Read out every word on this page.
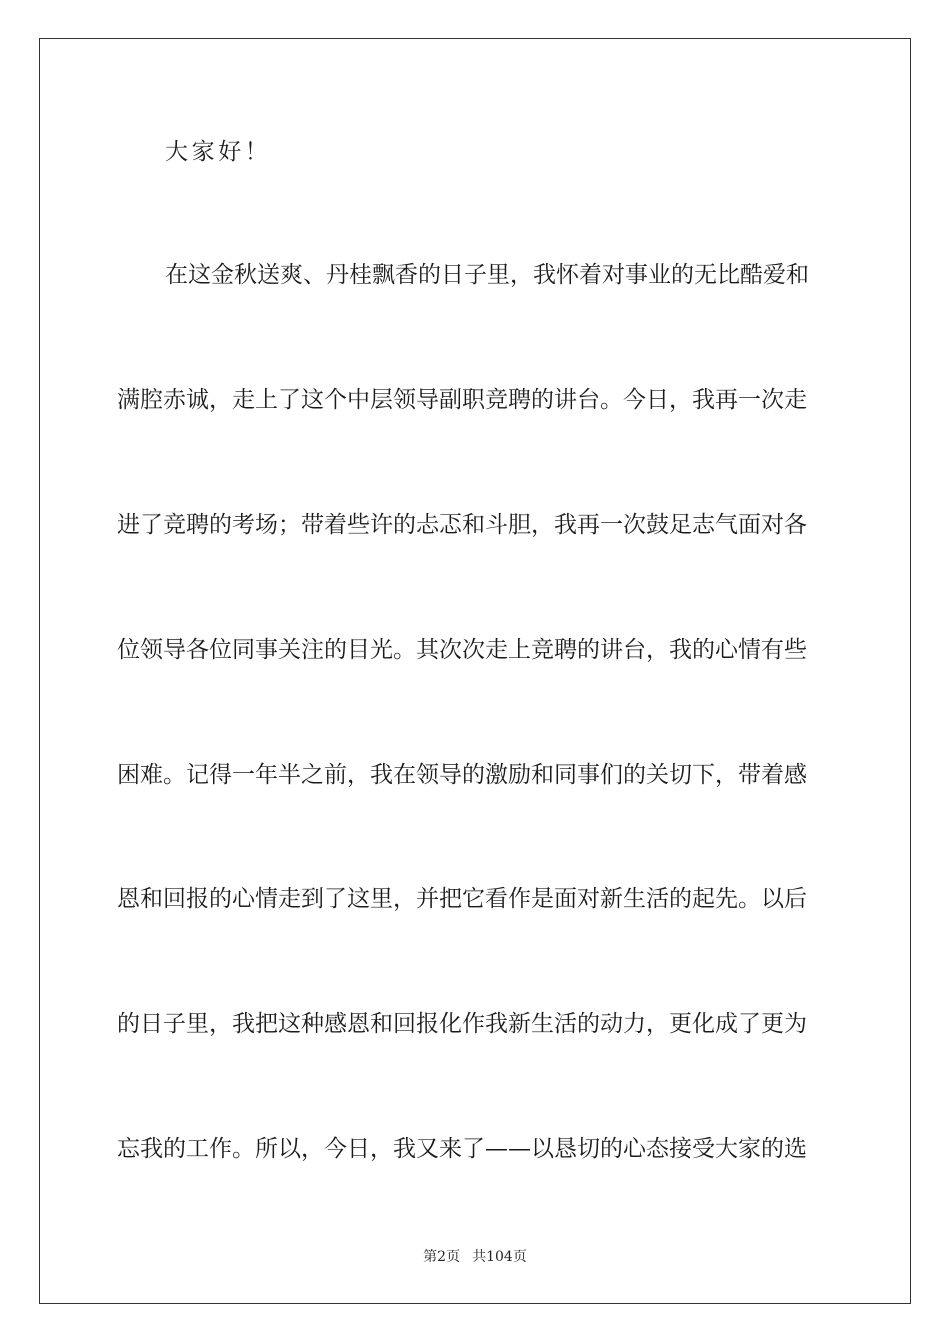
大家好！
在这金秋送爽、丹桂飘香的日子里，我怀着对事业的无比酷爱和
满腔赤诚，走上了这个中层领导副职竞聘的讲台。今日，我再一次走
进了竞聘的考场；带着些许的忐忑和斗胆，我再一次鼓足志气面对各
位领导各位同事关注的目光。其次次走上竞聘的讲台，我的心情有些
困难。记得一年半之前，我在领导的激励和同事们的关切下，带着感
恩和回报的心情走到了这里，并把它看作是面对新生活的起先。以后
的日子里，我把这种感恩和回报化作我新生活的动力，更化成了更为
忘我的工作。所以，今日，我又来了——以恳切的心态接受大家的选
第2页 共104页
